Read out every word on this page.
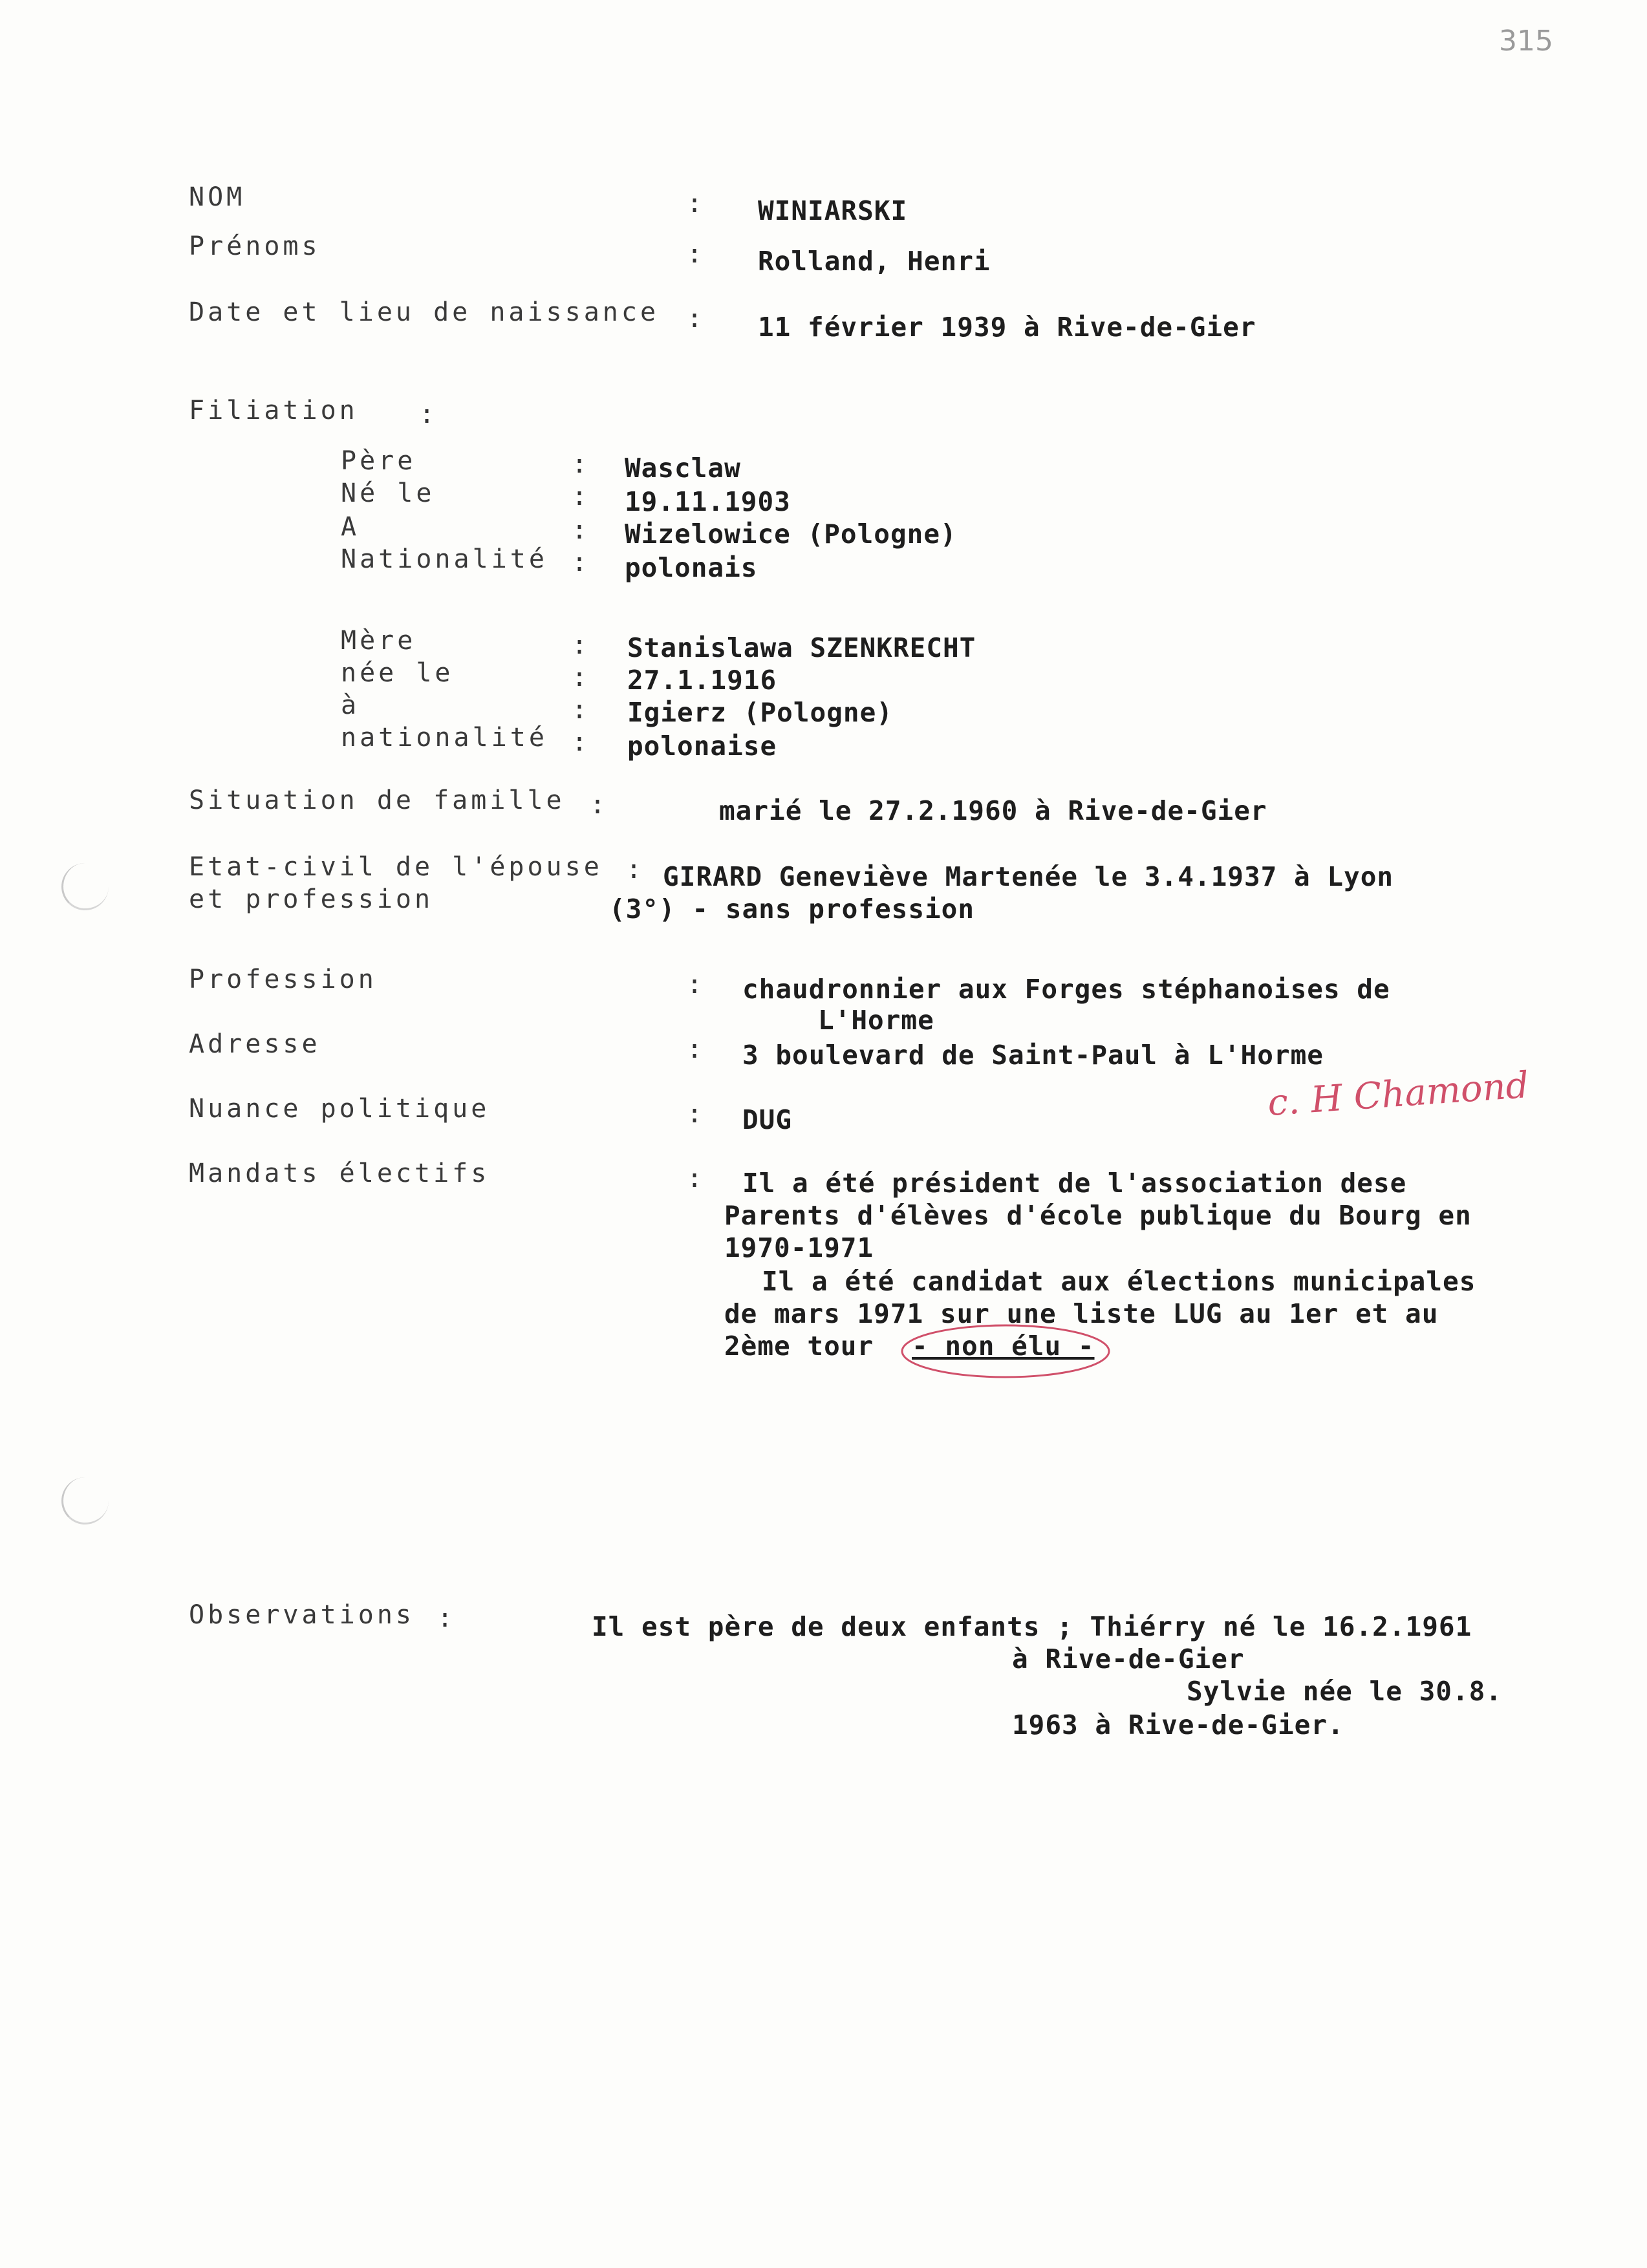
315
NOM	: WINIARSKI
Prénoms	: Rolland, Henri
Date et lieu de naissance : 11 février 1939 à Rive-de-Gier
Filiation :
Père	: Wasclaw
Né le	: 19.11.1903
A	: Wizelowice (Pologne)
Nationalité : polonais
Mère	: Stanislawa SZENKRECHT
née le	: 27.1.1916
à	: Igierz (Pologne)
nationalité : polonaise
Situation de famille :	marié le 27.2.1960 à Rive-de-Gier
Etat-civil de l'épouse
et profession
: GIRARD Geneviève Martenée le 3.4.1937 à Lyon
(3°) - sans profession
Profession	: chaudronnier aux Forges stéphanoises de
L'Horme
Adresse	: 3 boulevard de Saint-Paul à L'Horme
Nuance politique	: DUG	c. H Chamond
Mandats électifs	: Il a été président de l'association dese
Parents d'élèves d'école publique du Bourg en
1970-1971
Il a été candidat aux élections municipales
de mars 1971 sur une liste LUG au 1er et au
2ème tour - non élu -
Observations :	Il est père de deux enfants ; Thiérry né le 16.2.1961
à Rive-de-Gier
Sylvie née le 30.8.
1963 à Rive-de-Gier.
